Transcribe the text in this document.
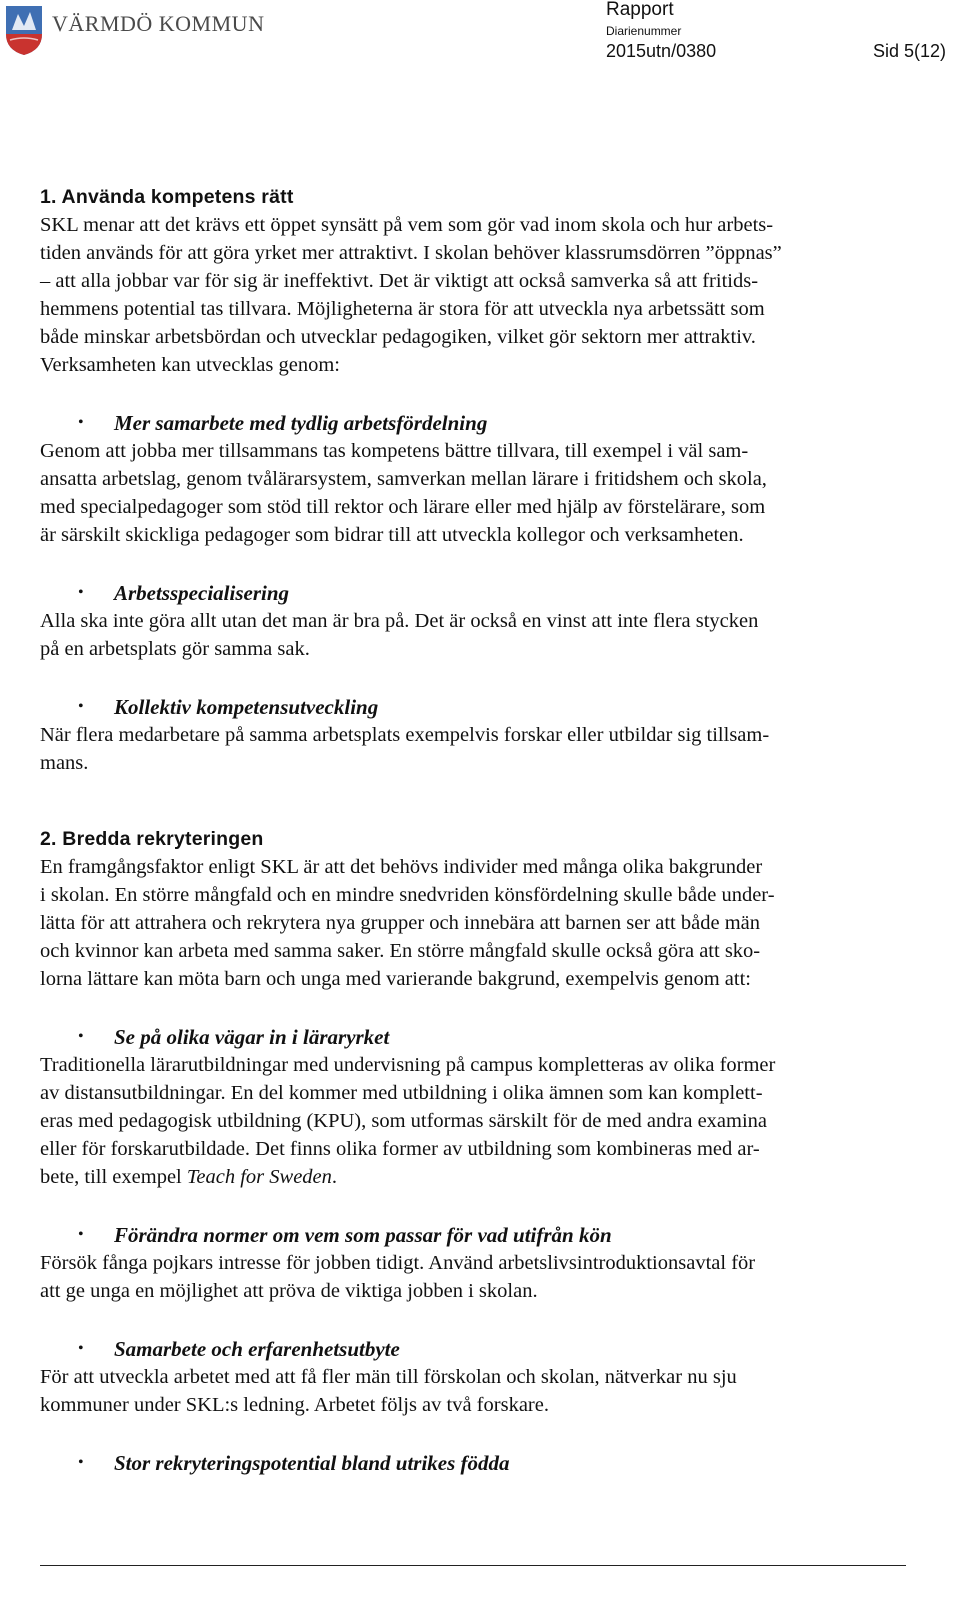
VÄRMDÖ KOMMUN
Rapport
Diarienummer
2015utn/0380	Sid 5(12)
1. Använda kompetens rätt

SKL menar att det krävs ett öppet synsätt på vem som gör vad inom skola och hur arbets-
tiden används för att göra yrket mer attraktivt. I skolan behöver klassrumsdörren ”öppnas”
– att alla jobbar var för sig är ineffektivt. Det är viktigt att också samverka så att fritids-
hemmens potential tas tillvara. Möjligheterna är stora för att utveckla nya arbetssätt som
både minskar arbetsbördan och utvecklar pedagogiken, vilket gör sektorn mer attraktiv.
Verksamheten kan utvecklas genom:

•	Mer samarbete med tydlig arbetsfördelning

Genom att jobba mer tillsammans tas kompetens bättre tillvara, till exempel i väl sam-
ansatta arbetslag, genom tvålärarsystem, samverkan mellan lärare i fritidshem och skola,
med specialpedagoger som stöd till rektor och lärare eller med hjälp av förstelärare, som
är särskilt skickliga pedagoger som bidrar till att utveckla kollegor och verksamheten.

•	Arbetsspecialisering

Alla ska inte göra allt utan det man är bra på. Det är också en vinst att inte flera stycken
på en arbetsplats gör samma sak.

•	Kollektiv kompetensutveckling

När flera medarbetare på samma arbetsplats exempelvis forskar eller utbildar sig tillsam-
mans.

2. Bredda rekryteringen

En framgångsfaktor enligt SKL är att det behövs individer med många olika bakgrunder
i skolan. En större mångfald och en mindre snedvriden könsfördelning skulle både under-
lätta för att attrahera och rekrytera nya grupper och innebära att barnen ser att både män
och kvinnor kan arbeta med samma saker. En större mångfald skulle också göra att sko-
lorna lättare kan möta barn och unga med varierande bakgrund, exempelvis genom att:

•	Se på olika vägar in i läraryrket

Traditionella lärarutbildningar med undervisning på campus kompletteras av olika former
av distansutbildningar. En del kommer med utbildning i olika ämnen som kan komplett-
eras med pedagogisk utbildning (KPU), som utformas särskilt för de med andra examina
eller för forskarutbildade. Det finns olika former av utbildning som kombineras med ar-
bete, till exempel Teach for Sweden.

•	Förändra normer om vem som passar för vad utifrån kön

Försök fånga pojkars intresse för jobben tidigt. Använd arbetslivsintroduktionsavtal för
att ge unga en möjlighet att pröva de viktiga jobben i skolan.

•	Samarbete och erfarenhetsutbyte

För att utveckla arbetet med att få fler män till förskolan och skolan, nätverkar nu sju
kommuner under SKL:s ledning. Arbetet följs av två forskare.

•	Stor rekryteringspotential bland utrikes födda
